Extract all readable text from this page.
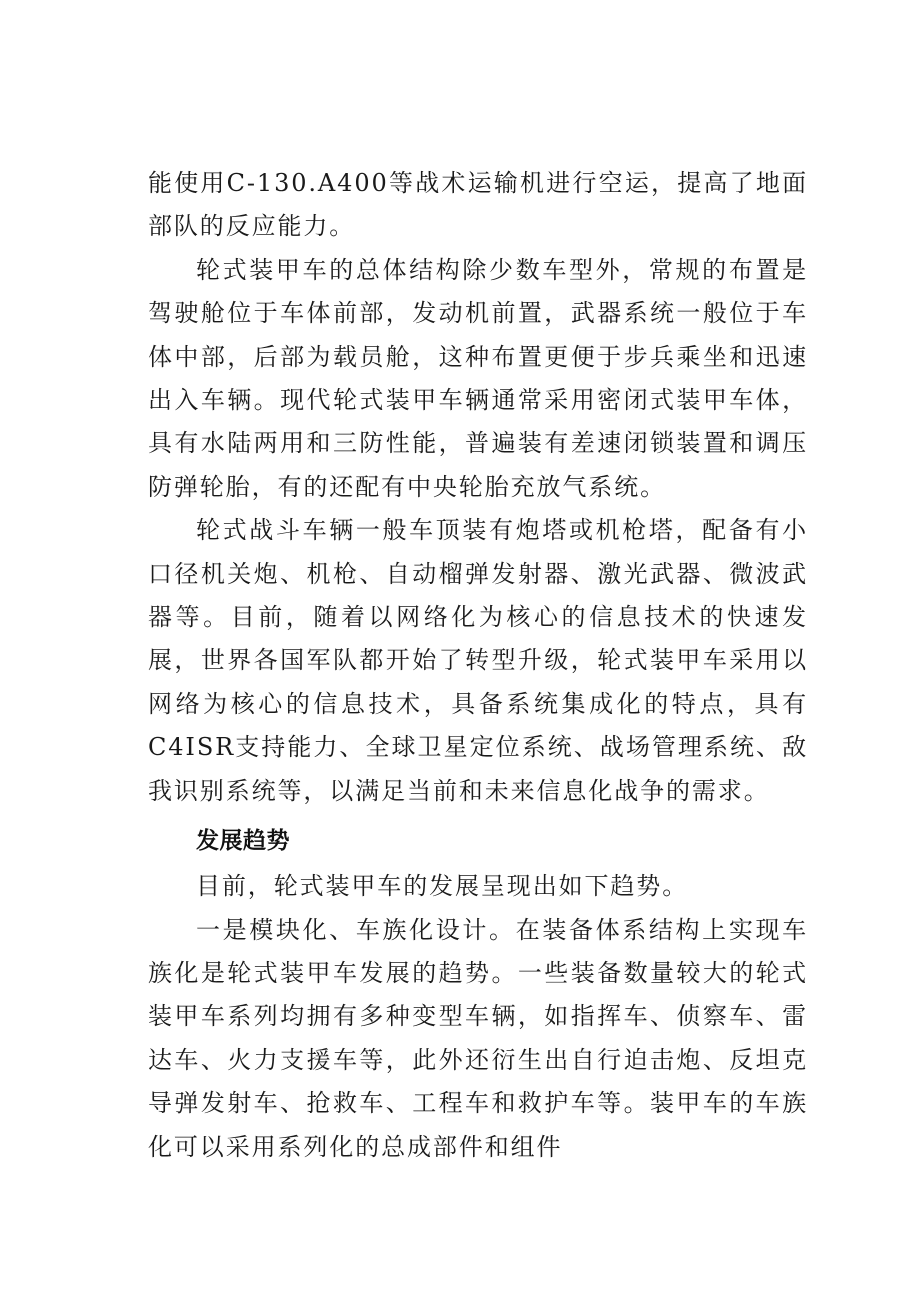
能使用C-130.A400等战术运输机进行空运，提高了地面部队的反应能力。

轮式装甲车的总体结构除少数车型外，常规的布置是驾驶舱位于车体前部，发动机前置，武器系统一般位于车体中部，后部为载员舱，这种布置更便于步兵乘坐和迅速出入车辆。现代轮式装甲车辆通常采用密闭式装甲车体，具有水陆两用和三防性能，普遍装有差速闭锁装置和调压防弹轮胎，有的还配有中央轮胎充放气系统。

轮式战斗车辆一般车顶装有炮塔或机枪塔，配备有小口径机关炮、机枪、自动榴弹发射器、激光武器、微波武器等。目前，随着以网络化为核心的信息技术的快速发展，世界各国军队都开始了转型升级，轮式装甲车采用以网络为核心的信息技术，具备系统集成化的特点，具有C4ISR支持能力、全球卫星定位系统、战场管理系统、敌我识别系统等，以满足当前和未来信息化战争的需求。

发展趋势

目前，轮式装甲车的发展呈现出如下趋势。

一是模块化、车族化设计。在装备体系结构上实现车族化是轮式装甲车发展的趋势。一些装备数量较大的轮式装甲车系列均拥有多种变型车辆，如指挥车、侦察车、雷达车、火力支援车等，此外还衍生出自行迫击炮、反坦克导弹发射车、抢救车、工程车和救护车等。装甲车的车族化可以采用系列化的总成部件和组件
